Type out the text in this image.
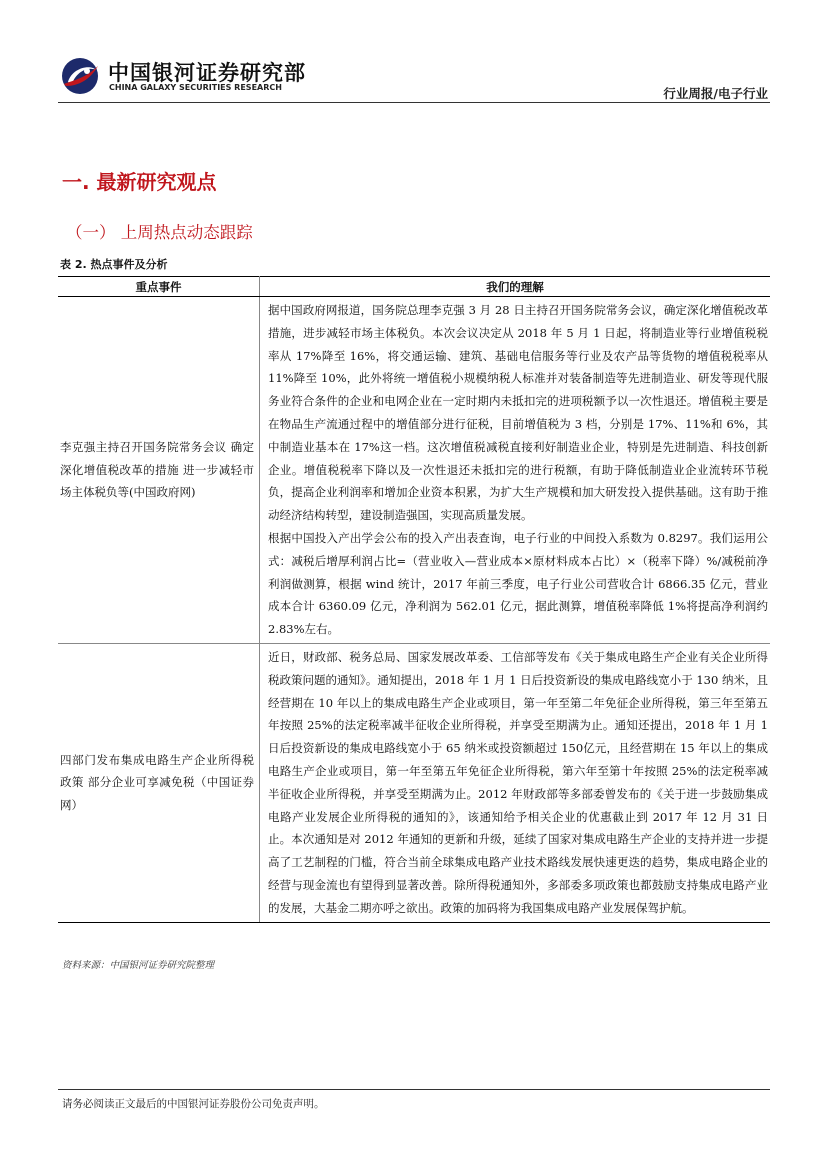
中国银河证券研究部
CHINA GALAXY SECURITIES RESEARCH	行业周报/电子行业
一. 最新研究观点
（一） 上周热点动态跟踪
表 2. 热点事件及分析
重点事件	我们的理解
李克强主持召开国务院常务会议 确定深化增值税改革的措施 进一步减轻市场主体税负等(中国政府网)	据中国政府网报道，国务院总理李克强 3 月 28 日主持召开国务院常务会议，确定深化增值税改革措施，进步减轻市场主体税负。本次会议决定从 2018 年 5 月 1 日起，将制造业等行业增值税税率从 17%降至 16%，将交通运输、建筑、基础电信服务等行业及农产品等货物的增值税税率从 11%降至 10%，此外将统一增值税小规模纳税人标准并对装备制造等先进制造业、研发等现代服务业符合条件的企业和电网企业在一定时期内未抵扣完的进项税额予以一次性退还。增值税主要是在物品生产流通过程中的增值部分进行征税，目前增值税为 3 档，分别是 17%、11%和 6%，其中制造业基本在 17%这一档。这次增值税减税直接利好制造业企业，特别是先进制造、科技创新企业。增值税税率下降以及一次性退还未抵扣完的进行税额，有助于降低制造业企业流转环节税负，提高企业利润率和增加企业资本积累，为扩大生产规模和加大研发投入提供基础。这有助于推动经济结构转型，建设制造强国，实现高质量发展。

根据中国投入产出学会公布的投入产出表查询，电子行业的中间投入系数为 0.8297。我们运用公式：减税后增厚利润占比=（营业收入—营业成本×原材料成本占比）×（税率下降）%/减税前净利润做测算，根据 wind 统计，2017 年前三季度，电子行业公司营收合计 6866.35 亿元，营业成本合计 6360.09 亿元，净利润为 562.01 亿元，据此测算，增值税率降低 1%将提高净利润约 2.83%左右。

四部门发布集成电路生产企业所得税政策 部分企业可享减免税（中国证券网）	近日，财政部、税务总局、国家发展改革委、工信部等发布《关于集成电路生产企业有关企业所得税政策问题的通知》。通知提出，2018 年 1 月 1 日后投资新设的集成电路线宽小于 130 纳米，且经营期在 10 年以上的集成电路生产企业或项目，第一年至第二年免征企业所得税，第三年至第五年按照 25%的法定税率减半征收企业所得税，并享受至期满为止。通知还提出，2018 年 1 月 1 日后投资新设的集成电路线宽小于 65 纳米或投资额超过 150亿元，且经营期在 15 年以上的集成电路生产企业或项目，第一年至第五年免征企业所得税，第六年至第十年按照 25%的法定税率减半征收企业所得税，并享受至期满为止。2012 年财政部等多部委曾发布的《关于进一步鼓励集成电路产业发展企业所得税的通知的》，该通知给予相关企业的优惠截止到 2017 年 12 月 31 日止。本次通知是对 2012 年通知的更新和升级，延续了国家对集成电路生产企业的支持并进一步提高了工艺制程的门槛，符合当前全球集成电路产业技术路线发展快速更迭的趋势，集成电路企业的经营与现金流也有望得到显著改善。除所得税通知外，多部委多项政策也都鼓励支持集成电路产业的发展，大基金二期亦呼之欲出。政策的加码将为我国集成电路产业发展保驾护航。

资料来源：中国银河证券研究院整理
请务必阅读正文最后的中国银河证券股份公司免责声明。
